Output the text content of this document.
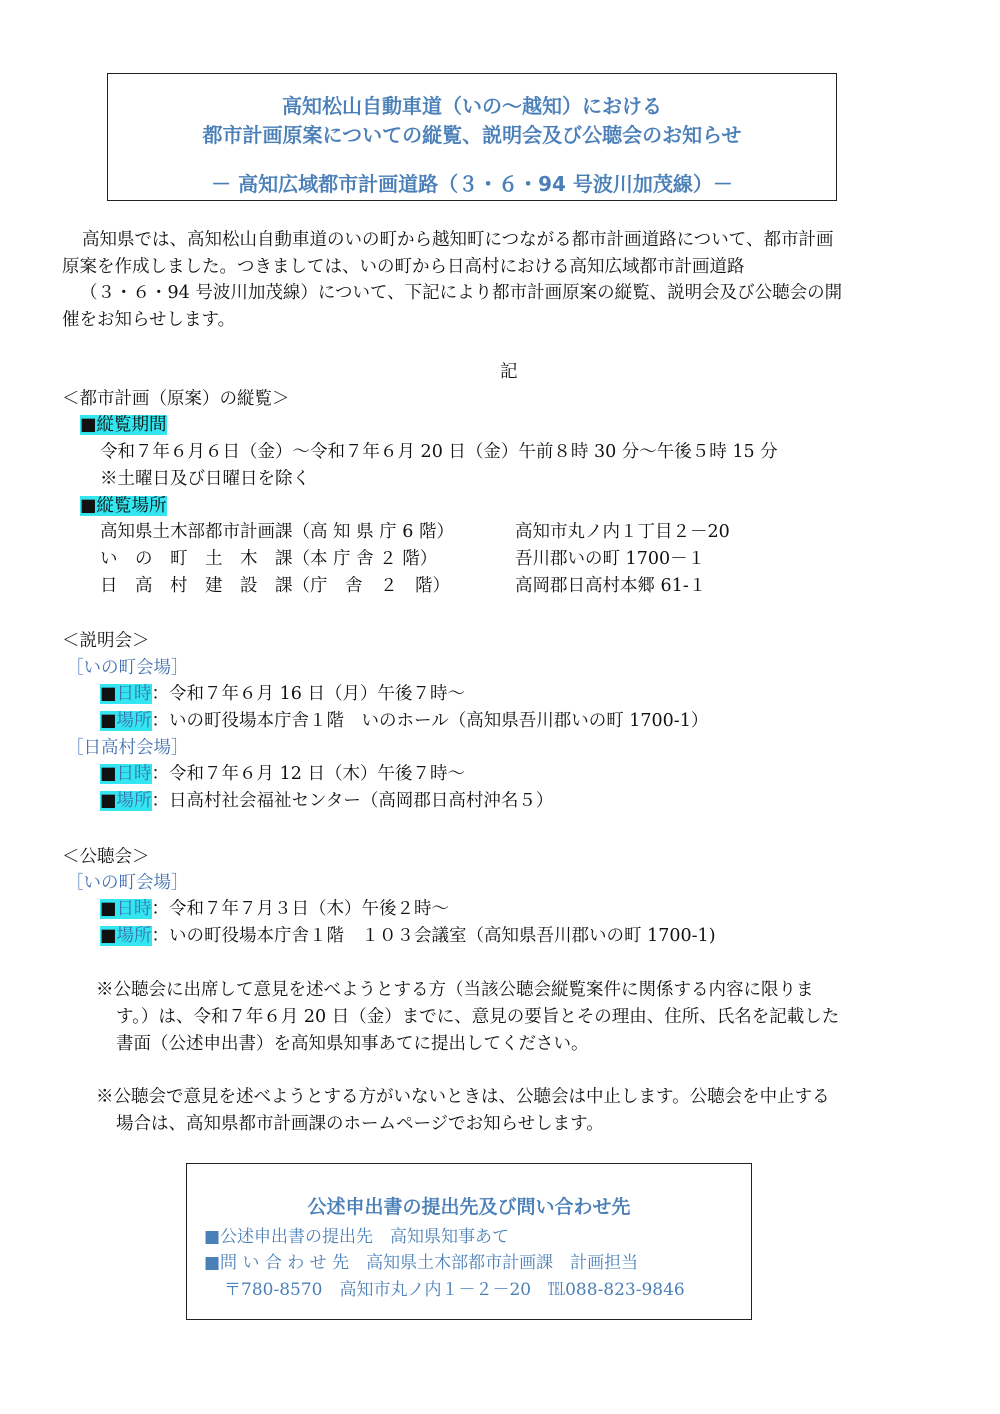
高知松山自動車道（いの～越知）における
都市計画原案についての縦覧、説明会及び公聴会のお知らせ
－ 高知広域都市計画道路（３・６・94 号波川加茂線）－
高知県では、高知松山自動車道のいの町から越知町につながる都市計画道路について、都市計画
原案を作成しました。つきましては、いの町から日高村における高知広域都市計画道路
（３・６・94 号波川加茂線）について、下記により都市計画原案の縦覧、説明会及び公聴会の開
催をお知らせします。
記
＜都市計画（原案）の縦覧＞
■縦覧期間
令和７年６月６日（金）～令和７年６月 20 日（金）午前８時 30 分～午後５時 15 分
※土曜日及び日曜日を除く
■縦覧場所
高知県土木部都市計画課（高 知 県 庁 6 階）	高知市丸ノ内１丁目２－20
い　の　町　土　木　課（本 庁 舎 ２ 階）	吾川郡いの町 1700－１
日　高　村　建　設　課（庁　舎　２　階）	高岡郡日高村本郷 61-１
＜説明会＞
［いの町会場］
■日時：令和７年６月 16 日（月）午後７時～
■場所：いの町役場本庁舎１階　いのホール（高知県吾川郡いの町 1700-1）
［日高村会場］
■日時：令和７年６月 12 日（木）午後７時～
■場所：日高村社会福祉センター（高岡郡日高村沖名５）
＜公聴会＞
［いの町会場］
■日時：令和７年７月３日（木）午後２時～
■場所：いの町役場本庁舎１階　１０３会議室（高知県吾川郡いの町 1700-1)
※公聴会に出席して意見を述べようとする方（当該公聴会縦覧案件に関係する内容に限りま
す。）は、令和７年６月 20 日（金）までに、意見の要旨とその理由、住所、氏名を記載した
書面（公述申出書）を高知県知事あてに提出してください。
※公聴会で意見を述べようとする方がいないときは、公聴会は中止します。公聴会を中止する
場合は、高知県都市計画課のホームページでお知らせします。
公述申出書の提出先及び問い合わせ先
■公述申出書の提出先　高知県知事あて
■問 い 合 わ せ 先　高知県土木部都市計画課　計画担当
〒780-8570　高知市丸ノ内１－２－20　℡088-823-9846
